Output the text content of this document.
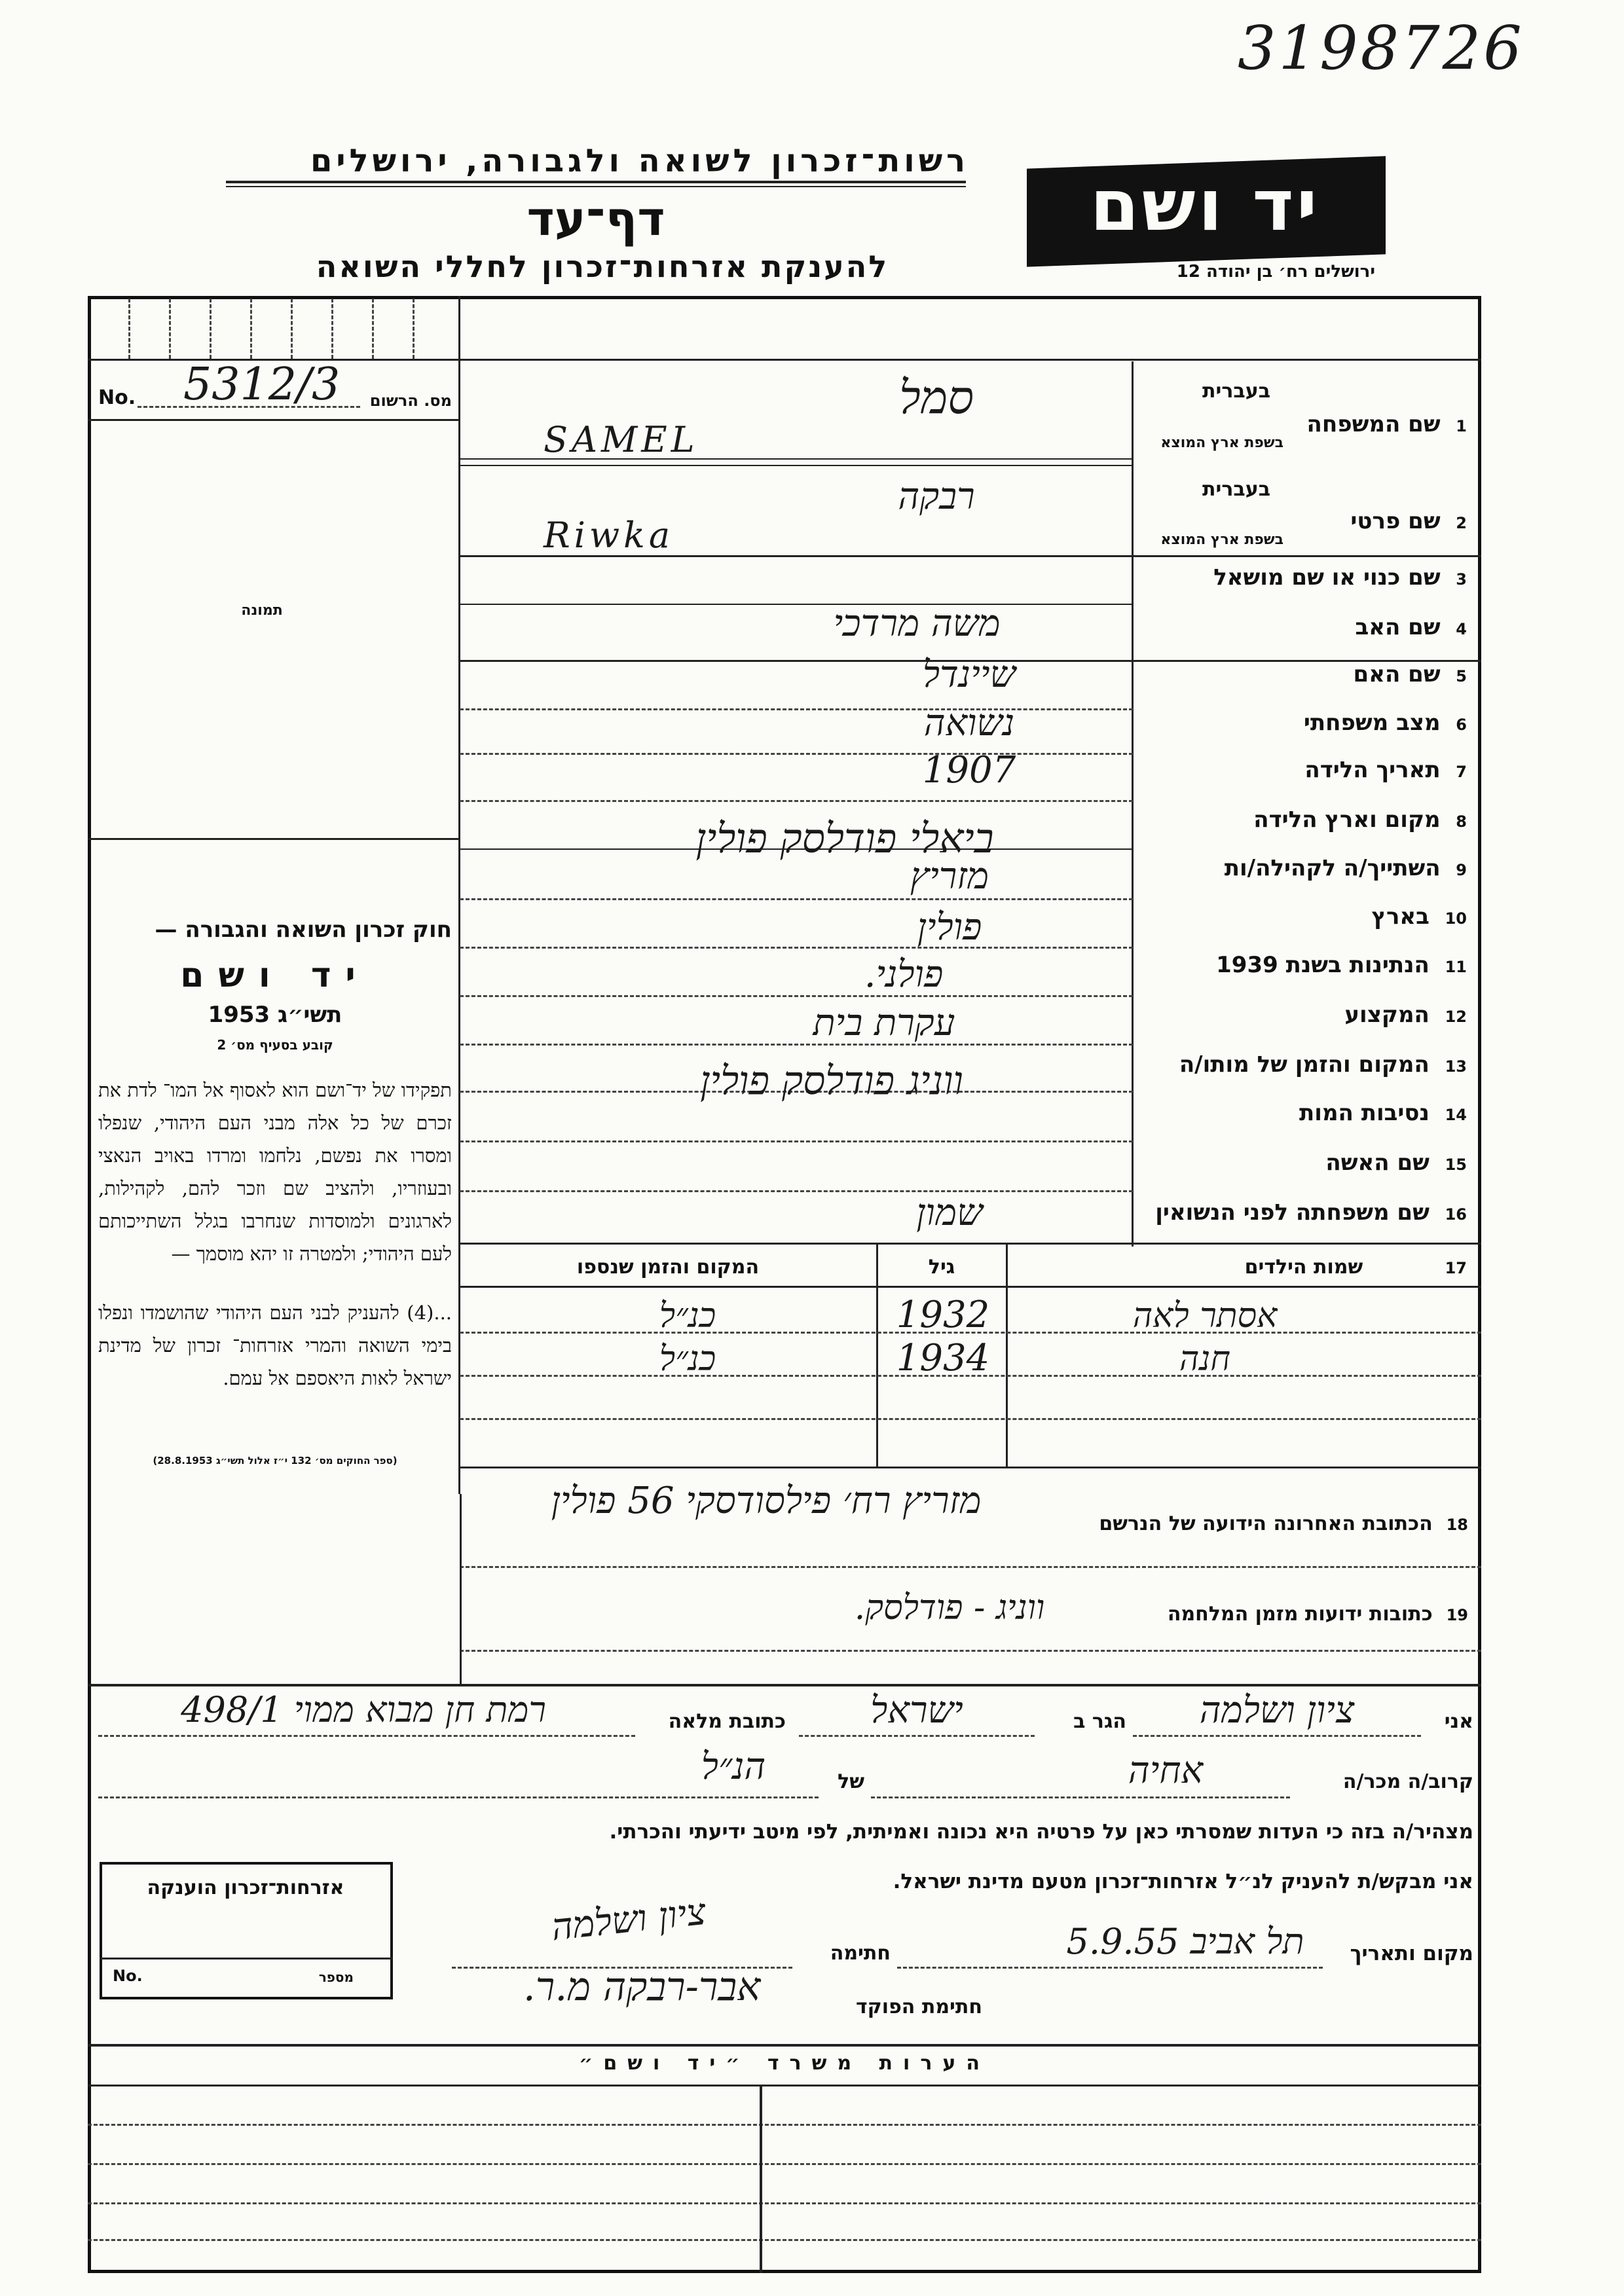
3198726
רשות־זכרון לשואה ולגבורה, ירושלים
דף־עד
להענקת אזרחות־זכרון לחללי השואה
יד ושם
ירושלים רח׳ בן יהודה 12
No. 5312/3	מס. הרשום
תמונה
חוק זכרון השואה והגבורה —
יד ושם
תשי״ג 1953
קובע בסעיף מס׳ 2
תפקידו של יד־ושם הוא לאסוף אל המו־ לדת את זכרם של כל אלה מבני העם היהודי, שנפלו ומסרו את נפשם, נלחמו ומרדו באויב הנאצי ובעוזריו, ולהציב שם וזכר להם, לקהילות, לארגונים ולמוסדות שנחרבו בגלל השתייכותם לעם היהודי; ולמטרה זו יהא מוסמך —
...(4) להעניק לבני העם היהודי שהושמדו ונפלו בימי השואה והמרי אזרחות־ זכרון של מדינת ישראל לאות היאספם אל עמם.
(ספר החוקים מס׳ 132 י״ז אלול תשי״ג 28.8.1953)
1  שם המשפחה
בעברית
בשפת ארץ המוצא
2  שם פרטי
בעברית
בשפת ארץ המוצא
3  שם כנוי או שם מושאל
4  שם האב
5  שם האם
6  מצב משפחתי
7  תאריך הלידה
8  מקום וארץ הלידה
9  השתייך/ה לקהילה/ות
10  בארץ
11  הנתינות בשנת 1939
12  המקצוע
13  המקום והזמן של מותו/ה
14  נסיבות המות
15  שם האשה
16  שם משפחתה לפני הנשואין
סמל
SAMEL
רבקה
Riwka
משה מרדכי
שיינדל
נשואה
1907
ביאלי פודלסק פולין
מזריץ
פולין
פולני.
עקרת בית
ווניג פודלסק פולין
שמון
17            שמות הילדים
גיל
המקום והזמן שנספו
אסתר לאה
1932
כנ״ל
חנה
1934
כנ״ל
18  הכתובת האחרונה הידועה של הנרשם
מזריץ רח׳ פילסודסקי 56 פולין
19  כתובות ידועות מזמן המלחמה
ווניג - פודלסק.
אני
ציון ושלמה
הגר ב
ישראל
כתובת מלאה
רמת חן מבוא ממוי 498/1
קרוב/ה מכר/ה
אחיה
של
הנ״ל
מצהיר/ה בזה כי העדות שמסרתי כאן על פרטיה היא נכונה ואמיתית, לפי מיטב ידיעתי והכרתי.
אני מבקש/ת להעניק לנ״ל אזרחות־זכרון מטעם מדינת ישראל.
אזרחות־זכרון הוענקה
No.	מספר
מקום ותאריך
תל אביב 5.9.55
חתימה
ציון ושלמה
חתימת הפוקד
אבר-רבקה מ.ר.
הערות משרד ״יד ושם״
